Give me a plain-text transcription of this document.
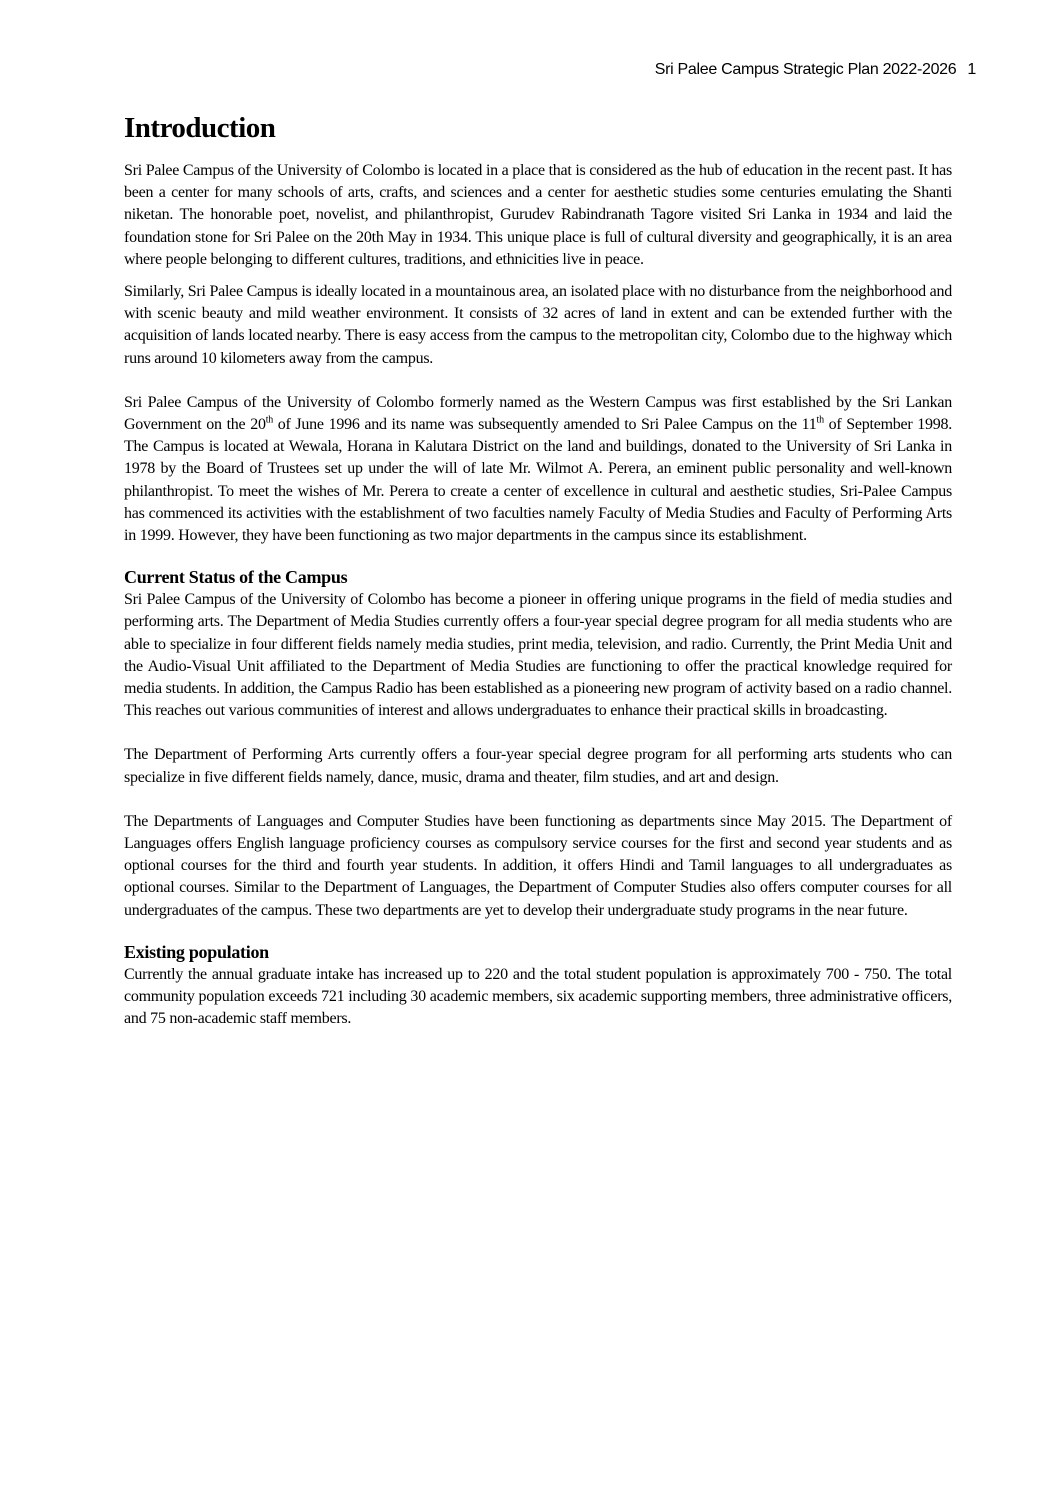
Sri Palee Campus Strategic Plan 2022-2026 1
Introduction

Sri Palee Campus of the University of Colombo is located in a place that is considered as the hub of education in the recent past. It has been a center for many schools of arts, crafts, and sciences and a center for aesthetic studies some centuries emulating the Shanti niketan. The honorable poet, novelist, and philanthropist, Gurudev Rabindranath Tagore visited Sri Lanka in 1934 and laid the foundation stone for Sri Palee on the 20th May in 1934. This unique place is full of cultural diversity and geographically, it is an area where people belonging to different cultures, traditions, and ethnicities live in peace.

Similarly, Sri Palee Campus is ideally located in a mountainous area, an isolated place with no disturbance from the neighborhood and with scenic beauty and mild weather environment. It consists of 32 acres of land in extent and can be extended further with the acquisition of lands located nearby. There is easy access from the campus to the metropolitan city, Colombo due to the highway which runs around 10 kilometers away from the campus.

Sri Palee Campus of the University of Colombo formerly named as the Western Campus was first established by the Sri Lankan Government on the 20th of June 1996 and its name was subsequently amended to Sri Palee Campus on the 11th of September 1998. The Campus is located at Wewala, Horana in Kalutara District on the land and buildings, donated to the University of Sri Lanka in 1978 by the Board of Trustees set up under the will of late Mr. Wilmot A. Perera, an eminent public personality and well-known philanthropist. To meet the wishes of Mr. Perera to create a center of excellence in cultural and aesthetic studies, Sri-Palee Campus has commenced its activities with the establishment of two faculties namely Faculty of Media Studies and Faculty of Performing Arts in 1999. However, they have been functioning as two major departments in the campus since its establishment.

Current Status of the Campus

Sri Palee Campus of the University of Colombo has become a pioneer in offering unique programs in the field of media studies and performing arts. The Department of Media Studies currently offers a four-year special degree program for all media students who are able to specialize in four different fields namely media studies, print media, television, and radio. Currently, the Print Media Unit and the Audio-Visual Unit affiliated to the Department of Media Studies are functioning to offer the practical knowledge required for media students. In addition, the Campus Radio has been established as a pioneering new program of activity based on a radio channel. This reaches out various communities of interest and allows undergraduates to enhance their practical skills in broadcasting.

The Department of Performing Arts currently offers a four-year special degree program for all performing arts students who can specialize in five different fields namely, dance, music, drama and theater, film studies, and art and design.

The Departments of Languages and Computer Studies have been functioning as departments since May 2015. The Department of Languages offers English language proficiency courses as compulsory service courses for the first and second year students and as optional courses for the third and fourth year students. In addition, it offers Hindi and Tamil languages to all undergraduates as optional courses. Similar to the Department of Languages, the Department of Computer Studies also offers computer courses for all undergraduates of the campus. These two departments are yet to develop their undergraduate study programs in the near future.

Existing population

Currently the annual graduate intake has increased up to 220 and the total student population is approximately 700 - 750. The total community population exceeds 721 including 30 academic members, six academic supporting members, three administrative officers, and 75 non-academic staff members.
